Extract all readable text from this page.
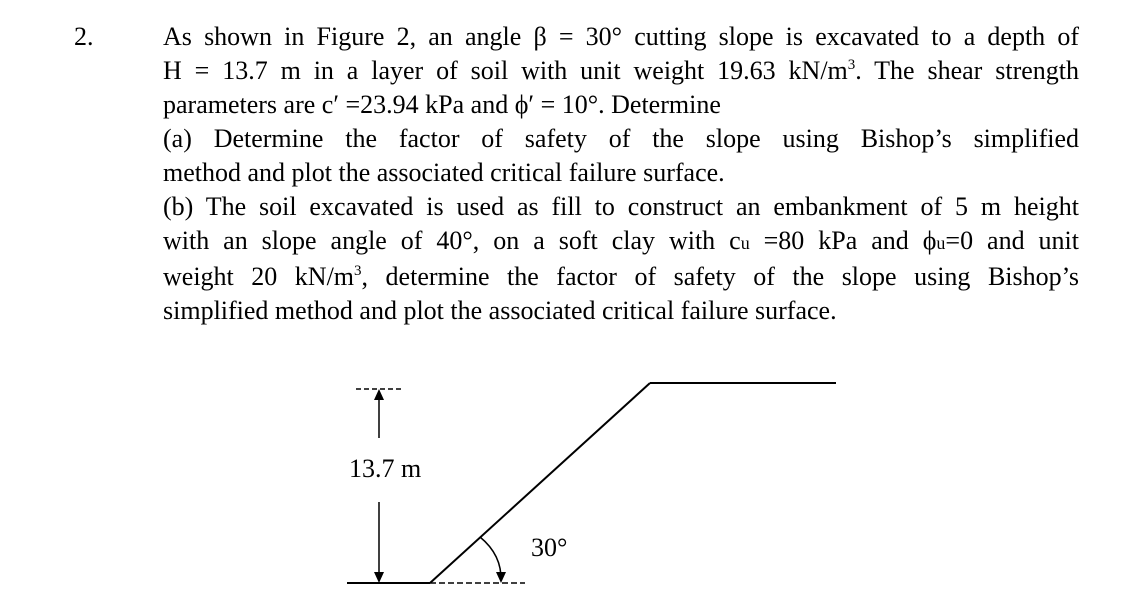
2.	As shown in Figure 2, an angle β = 30° cutting slope is excavated to a depth of
H = 13.7 m in a layer of soil with unit weight 19.63 $kN/m^3$. The shear strength
parameters are c′ =23.94 kPa and ϕ′ = 10°. Determine
(a) Determine the factor of safety of the slope using Bishop’s simplified
method and plot the associated critical failure surface.
(b) The soil excavated is used as fill to construct an embankment of 5 m height
with an slope angle of 40°, on a soft clay with cu =80 kPa and ϕu=0 and unit
weight 20 $kN/m^3$, determine the factor of safety of the slope using Bishop’s
simplified method and plot the associated critical failure surface.
13.7 m
30°
